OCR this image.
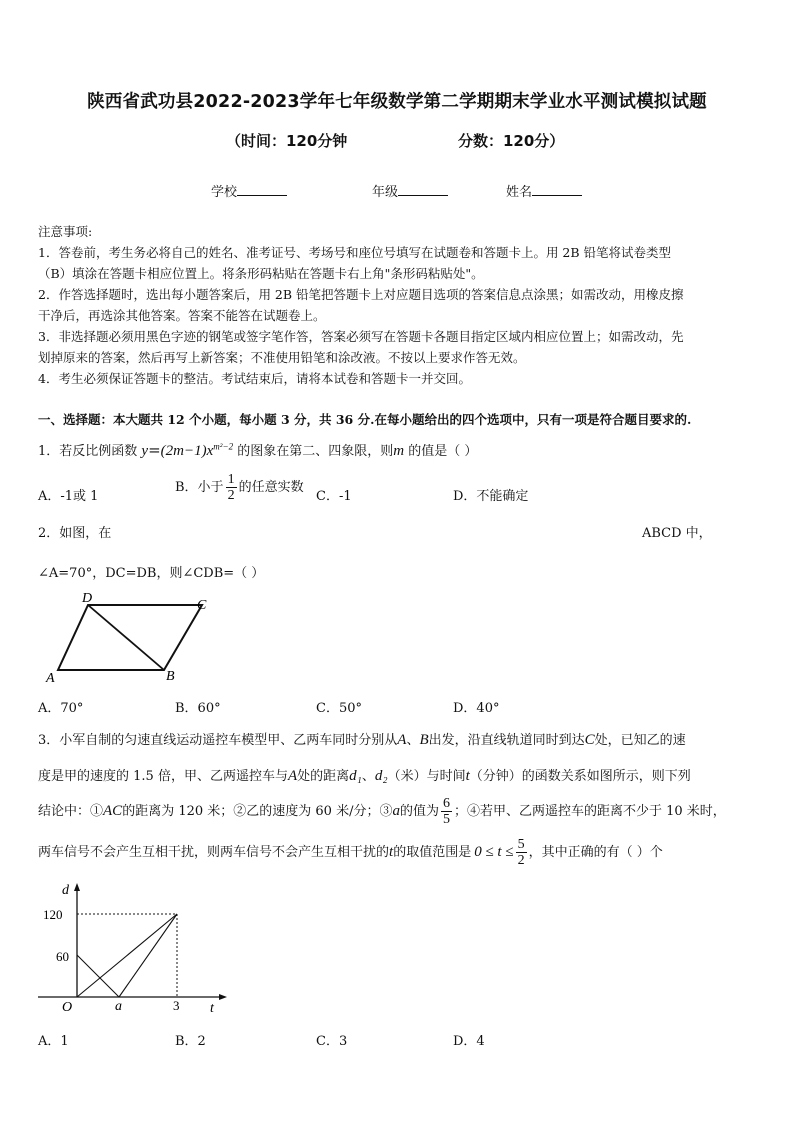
陕西省武功县2022-2023学年七年级数学第二学期期末学业水平测试模拟试题
（时间：120分钟	分数：120分）
学校	年级	姓名
注意事项:
1．答卷前，考生务必将自己的姓名、准考证号、考场号和座位号填写在试题卷和答题卡上。用 2B 铅笔将试卷类型
（B）填涂在答题卡相应位置上。将条形码粘贴在答题卡右上角"条形码粘贴处"。
2．作答选择题时，选出每小题答案后，用 2B 铅笔把答题卡上对应题目选项的答案信息点涂黑；如需改动，用橡皮擦
干净后，再选涂其他答案。答案不能答在试题卷上。
3．非选择题必须用黑色字迹的钢笔或签字笔作答，答案必须写在答题卡各题目指定区域内相应位置上；如需改动，先
划掉原来的答案，然后再写上新答案；不准使用铅笔和涂改液。不按以上要求作答无效。
4．考生必须保证答题卡的整洁。考试结束后，请将本试卷和答题卡一并交回。
一、选择题：本大题共 12 个小题，每小题 3 分，共 36 分.在每小题给出的四个选项中，只有一项是符合题目要求的.
1．若反比例函数 $y=(2m-1)x^{m^2-2}$ 的图象在第二、四象限，则m 的值是（ ）
A．-1或 1
B．小于 $\frac{1}{2}$ 的任意实数
C．-1	D．不能确定
2．如图，在	ABCD 中，
∠A=70°，DC=DB，则∠CDB=（ ）
D	C
A	B
A．70°	B．60°	C．50°	D．40°
3．小军自制的匀速直线运动遥控车模型甲、乙两车同时分别从A、B出发，沿直线轨道同时到达C处，已知乙的速
度是甲的速度的 1.5 倍，甲、乙两遥控车与A处的距离d₁、d₂（米）与时间t（分钟）的函数关系如图所示，则下列
结论中：①AC的距离为 120 米；②乙的速度为 60 米/分；③a的值为 $\frac{6}{5}$ ；④若甲、乙两遥控车的距离不少于 10 米时，
两车信号不会产生互相干扰，则两车信号不会产生互相干扰的t的取值范围是 $0 \le t \le \frac{5}{2}$ ，其中正确的有（ ）个
d
t
O
120
60
a	3
A．1	B．2	C．3	D．4
